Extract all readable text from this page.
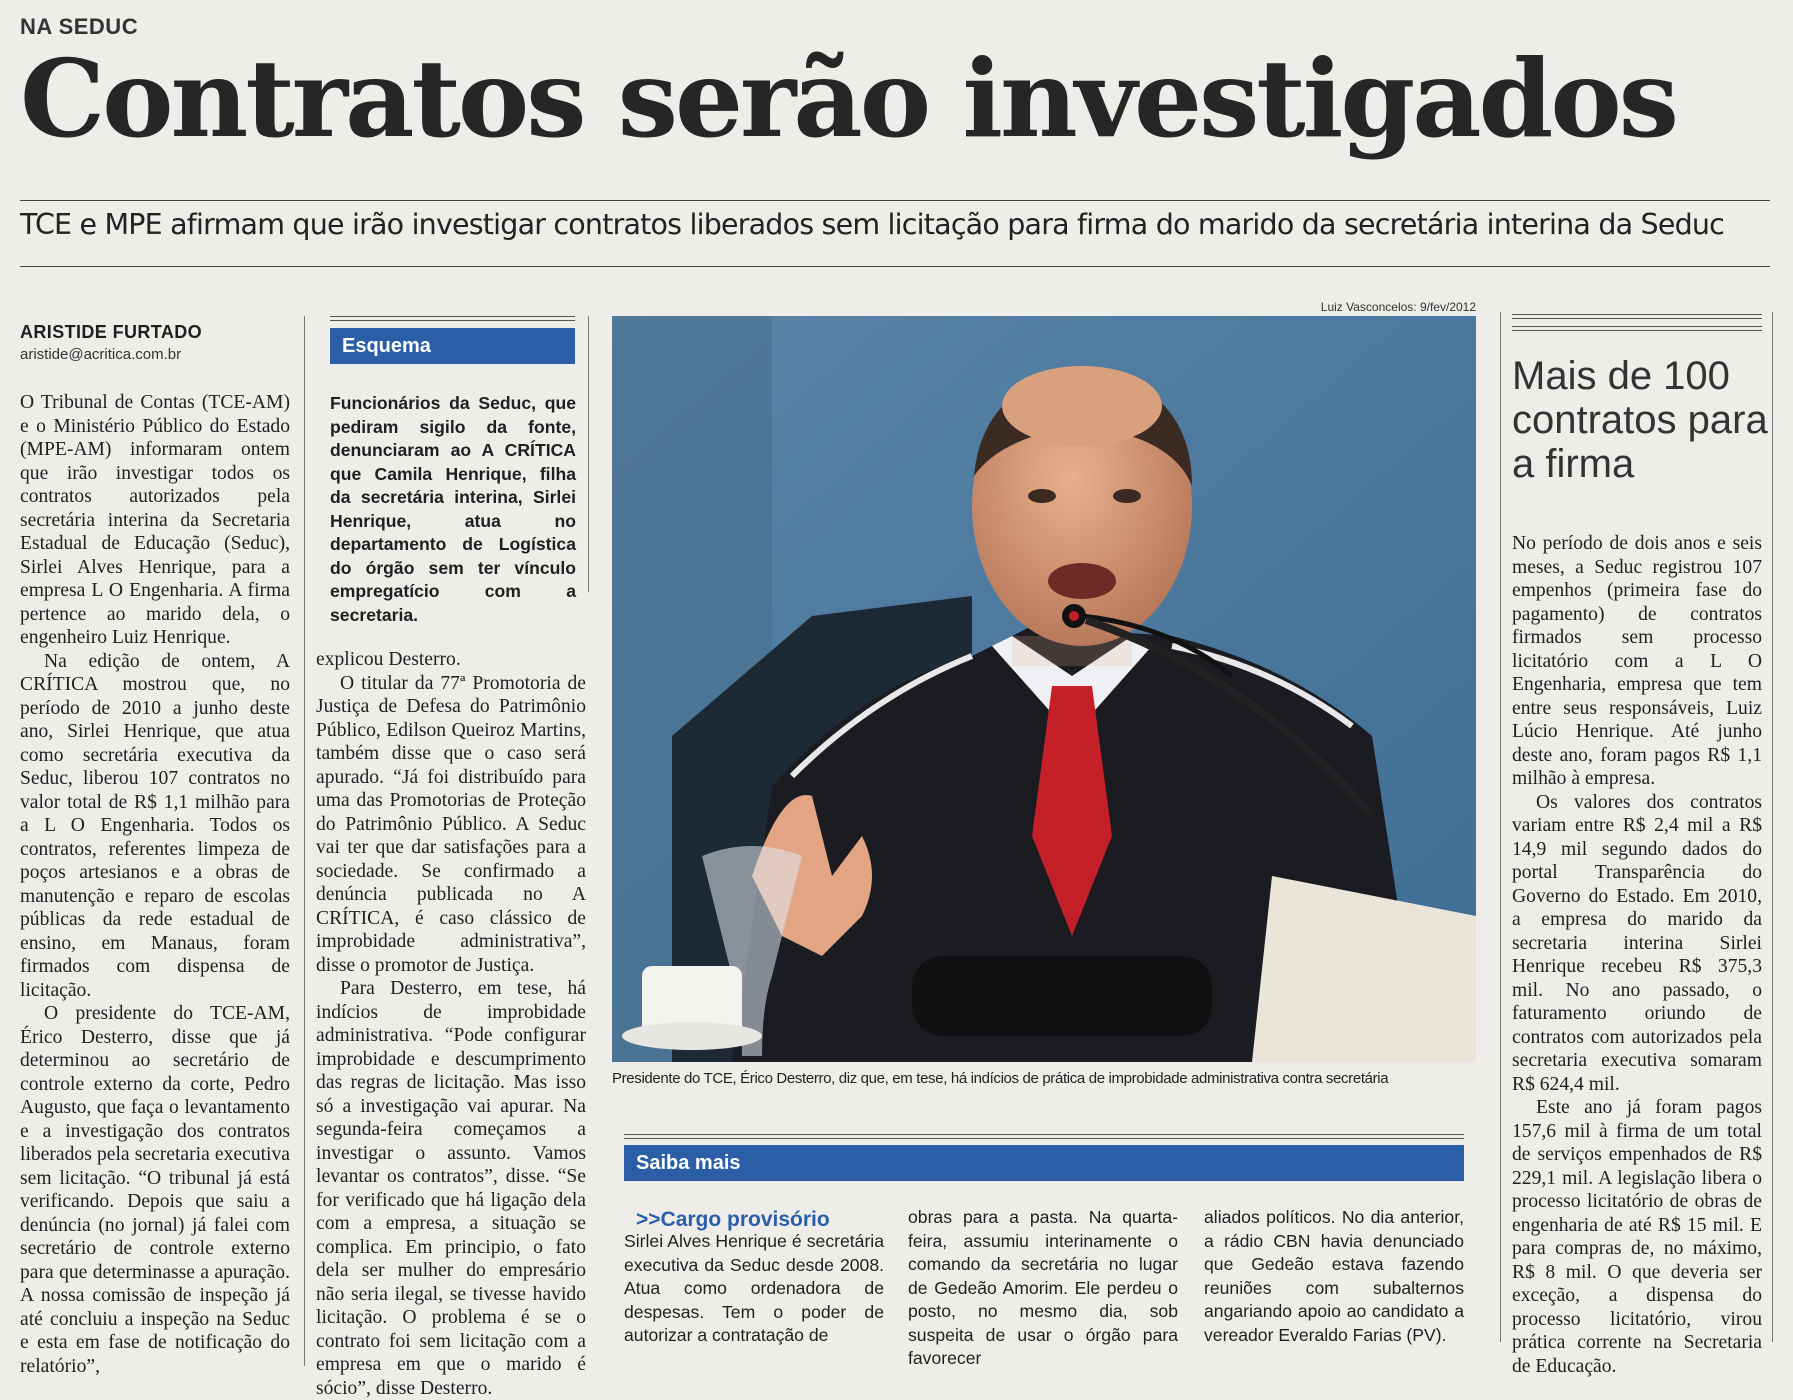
NA SEDUC
Contratos serão investigados
TCE e MPE afirmam que irão investigar contratos liberados sem licitação para firma do marido da secretária interina da Seduc
ARISTIDE FURTADO
aristide@acritica.com.br

O Tribunal de Contas (TCE-AM) e o Ministério Público do Estado (MPE-AM) informaram ontem que irão investigar todos os contratos autorizados pela secretária interina da Secretaria Estadual de Educação (Seduc), Sirlei Alves Henrique, para a empresa L O Engenharia. A firma pertence ao marido dela, o engenheiro Luiz Henrique.

Na edição de ontem, A CRÍTICA mostrou que, no período de 2010 a junho deste ano, Sirlei Henrique, que atua como secretária executiva da Seduc, liberou 107 contratos no valor total de R$ 1,1 milhão para a L O Engenharia. Todos os contratos, referentes limpeza de poços artesianos e a obras de manutenção e reparo de escolas públicas da rede estadual de ensino, em Manaus, foram firmados com dispensa de licitação.

O presidente do TCE-AM, Érico Desterro, disse que já determinou ao secretário de controle externo da corte, Pedro Augusto, que faça o levantamento e a investigação dos contratos liberados pela secretaria executiva sem licitação. “O tribunal já está verificando. Depois que saiu a denúncia (no jornal) já falei com secretário de controle externo para que determinasse a apuração. A nossa comissão de inspeção já até concluiu a inspeção na Seduc e esta em fase de notificação do relatório”,

Esquema
Funcionários da Seduc, que pediram sigilo da fonte, denunciaram ao A CRÍTICA que Camila Henrique, filha da secretária interina, Sirlei Henrique, atua no departamento de Logística do órgão sem ter vínculo empregatício com a secretaria.

explicou Desterro.

O titular da 77ª Promotoria de Justiça de Defesa do Patrimônio Público, Edilson Queiroz Martins, também disse que o caso será apurado. “Já foi distribuído para uma das Promotorias de Proteção do Patrimônio Público. A Seduc vai ter que dar satisfações para a sociedade. Se confirmado a denúncia publicada no A CRÍTICA, é caso clássico de improbidade administrativa”, disse o promotor de Justiça.

Para Desterro, em tese, há indícios de improbidade administrativa. “Pode configurar improbidade e descumprimento das regras de licitação. Mas isso só a investigação vai apurar. Na segunda-feira começamos a investigar o assunto. Vamos levantar os contratos”, disse. “Se for verificado que há ligação dela com a empresa, a situação se complica. Em principio, o fato dela ser mulher do empresário não seria ilegal, se tivesse havido licitação. O problema é se o contrato foi sem licitação com a empresa em que o marido é sócio”, disse Desterro.

Luiz Vasconcelos: 9/fev/2012
Presidente do TCE, Érico Desterro, diz que, em tese, há indícios de prática de improbidade administrativa contra secretária
Mais de 100 contratos para a firma

No período de dois anos e seis meses, a Seduc registrou 107 empenhos (primeira fase do pagamento) de contratos firmados sem processo licitatório com a L O Engenharia, empresa que tem entre seus responsáveis, Luiz Lúcio Henrique. Até junho deste ano, foram pagos R$ 1,1 milhão à empresa.

Os valores dos contratos variam entre R$ 2,4 mil a R$ 14,9 mil segundo dados do portal Transparência do Governo do Estado. Em 2010, a empresa do marido da secretaria interina Sirlei Henrique recebeu R$ 375,3 mil. No ano passado, o faturamento oriundo de contratos com autorizados pela secretaria executiva somaram R$ 624,4 mil.

Este ano já foram pagos 157,6 mil à firma de um total de serviços empenhados de R$ 229,1 mil. A legislação libera o processo licitatório de obras de engenharia de até R$ 15 mil. E para compras de, no máximo, R$ 8 mil. O que deveria ser exceção, a dispensa do processo licitatório, virou prática corrente na Secretaria de Educação.

Saiba mais
>>Cargo provisório

Sirlei Alves Henrique é secretária executiva da Seduc desde 2008. Atua como ordenadora de despesas. Tem o poder de autorizar a contratação de

obras para a pasta. Na quarta-feira, assumiu interinamente o comando da secretária no lugar de Gedeão Amorim. Ele perdeu o posto, no mesmo dia, sob suspeita de usar o órgão para favorecer

aliados políticos. No dia anterior, a rádio CBN havia denunciado que Gedeão estava fazendo reuniões com subalternos angariando apoio ao candidato a vereador Everaldo Farias (PV).
